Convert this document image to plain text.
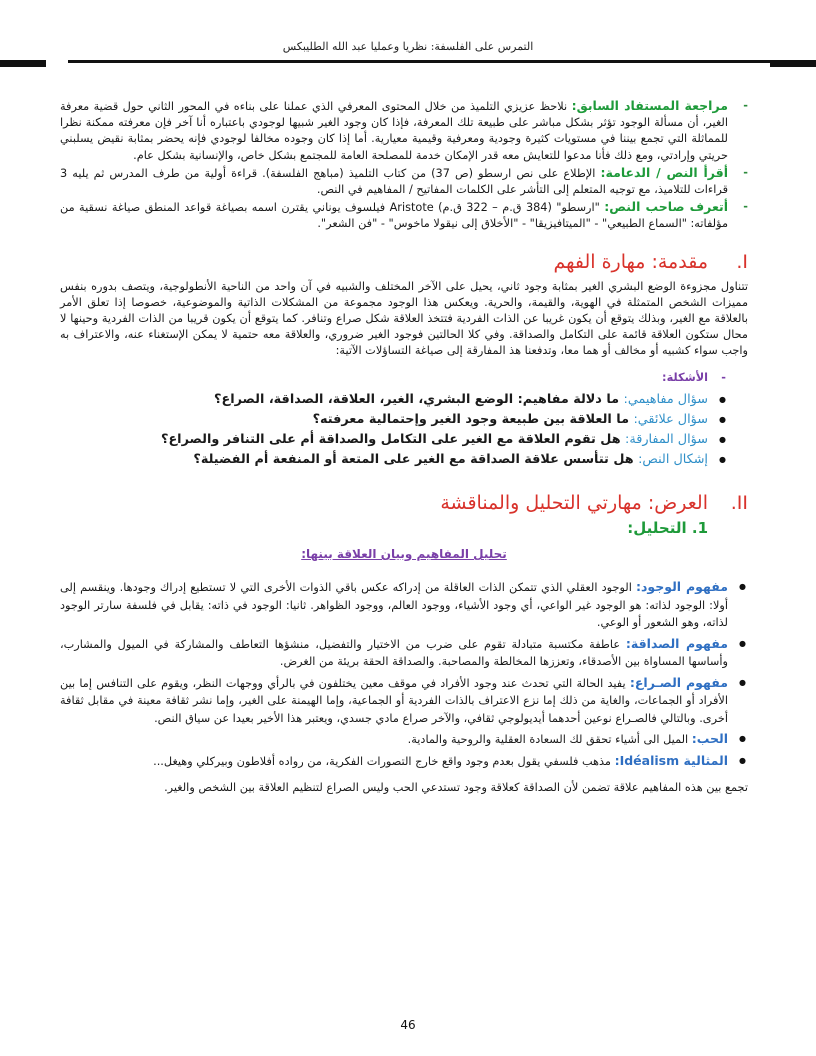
التمرس على الفلسفة: نظريا وعمليا عبد الله الطليبكس
-
مراجعة المستفاد السابق: نلاحظ عزيزي التلميذ من خلال المحتوى المعرفي الذي عملنا على بناءه في المحور الثاني حول قضية معرفة الغير، أن مسألة الوجود تؤثر بشكل مباشر على طبيعة تلك المعرفة، فإذا كان وجود الغير شبيها لوجودي باعتباره أنا آخر فإن معرفته ممكنة نظرا للمماثلة التي تجمع بيننا في مستويات كثيرة وجودية ومعرفية وقيمية معيارية. أما إذا كان وجوده مخالفا لوجودي فإنه يحضر بمثابة نقيض يسلبني حريتي وإرادتي، ومع ذلك فأنا مدعوا للتعايش معه قدر الإمكان خدمة للمصلحة العامة للمجتمع بشكل خاص، والإنسانية بشكل عام.
-
أقرأ النص / الدعامة: الإطلاع على نص ارسطو (ص 37) من كتاب التلميذ (مباهج الفلسفة). قراءة أولية من طرف المدرس ثم يليه 3 قراءات للتلاميذ، مع توجيه المتعلم إلى التأشر على الكلمات المفاتيح / المفاهيم في النص.
-
أتعرف صاحب النص: "ارسطو" (384 ق.م – 322 ق.م) Aristote فيلسوف يوناني يقترن اسمه بصياغة قواعد المنطق صياغة نسقية من مؤلفاته: "السماع الطبيعي" - "الميتافيزيقا" - "الأخلاق إلى نيقولا ماخوس" - "فن الشعر".
I.
مقدمة: مهارة الفهم

تتناول مجزوءة الوضع البشري الغير بمثابة وجود ثاني، يحيل على الآخر المختلف والشبيه في آن واحد من الناحية الأنطولوجية، ويتصف بدوره بنفس مميزات الشخص المتمثلة في الهوية، والقيمة، والحرية. ويعكس هذا الوجود مجموعة من المشكلات الذاتية والموضوعية، خصوصا إذا تعلق الأمر بالعلاقة مع الغير، وبذلك يتوقع أن يكون غريبا عن الذات الفردية فتتخذ العلاقة شكل صراع وتنافر. كما يتوقع أن يكون قريبا من الذات الفردية وحينها لا محال ستكون العلاقة قائمة على التكامل والصداقة. وفي كلا الحالتين فوجود الغير ضروري، والعلاقة معه حتمية لا يمكن الإستغناء عنه، والاعتراف به واجب سواء كشبيه أو مخالف أو هما معا، وتدفعنا هذ المفارقة إلى صياغة التساؤلات الآتية:

-
الأشكلة:
● سؤال مفاهيمي: ما دلالة مفاهيم: الوضع البشري، الغير، العلاقة، الصداقة، الصراع؟
● سؤال علائقي: ما العلاقة بين طبيعة وجود الغير وإحتمالية معرفته؟
● سؤال المفارقة: هل تقوم العلاقة مع الغير على التكامل والصداقة أم على التنافر والصراع؟
● إشكال النص: هل تتأسس علاقة الصداقة مع الغير على المتعة أو المنفعة أم الفضيلة؟
II.
العرض: مهارتي التحليل والمناقشة
1. التحليل:
تحليل المفاهيم وبيان العلاقة بينها:
● مفهوم الوجود: الوجود العقلي الذي تتمكن الذات العاقلة من إدراكه عكس باقي الذوات الأخرى التي لا تستطيع إدراك وجودها. وينقسم إلى أولا: الوجود لذاته: هو الوجود غير الواعي، أي وجود الأشياء، ووجود العالم، ووجود الظواهر. ثانيا: الوجود في ذاته: يقابل في فلسفة سارتر الوجود لذاته، وهو الشعور أو الوعي.
● مفهوم الصداقة: عاطفة مكتسبة متبادلة تقوم على ضرب من الاختيار والتفضيل، منشؤها التعاطف والمشاركة في الميول والمشارب، وأساسها المساواة بين الأصدقاء، وتعززها المخالطة والمصاحبة. والصداقة الحقة بريئة من الغرض.
● مفهوم الصـراع: يفيد الحالة التي تحدث عند وجود الأفراد في موقف معين يختلفون في بالرأي ووجهات النظر، ويقوم على التنافس إما بين الأفراد أو الجماعات، والغاية من ذلك إما نزع الاعتراف بالذات الفردية أو الجماعية، وإما الهيمنة على الغير، وإما نشر ثقافة معينة في مقابل ثقافة أخرى. وبالتالي فالصـراع نوعين أحدهما أيديولوجي ثقافي، والآخر صراع مادي جسدي، ويعتبر هذا الأخير بعيدا عن سياق النص.
● الحب: الميل الى أشياء تحقق لك السعادة العقلية والروحية والمادية.
● المثالية Idéalism: مذهب فلسفي يقول بعدم وجود واقع خارج التصورات الفكرية، من رواده أفلاطون وبيركلي وهيغل...

تجمع بين هذه المفاهيم علاقة تضمن لأن الصداقة كعلاقة وجود تستدعي الحب وليس الصراع لتنظيم العلاقة بين الشخص والغير.

46
